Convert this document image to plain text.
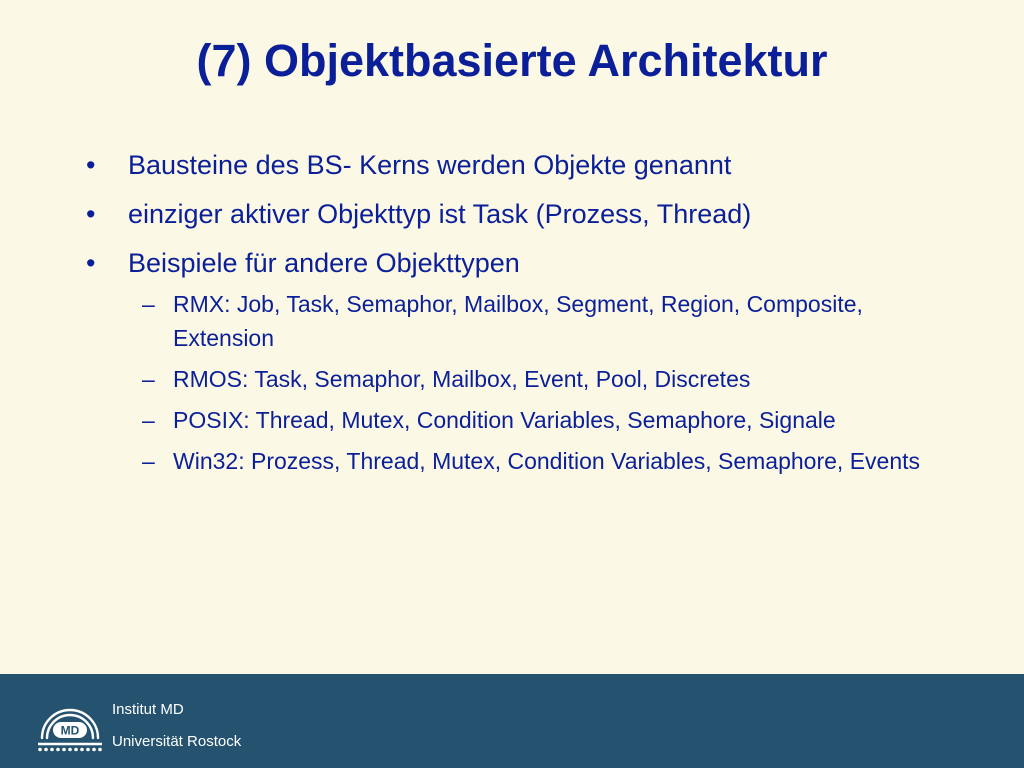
(7) Objektbasierte Architektur
•	Bausteine des BS- Kerns werden Objekte genannt
•	einziger aktiver Objekttyp ist Task (Prozess, Thread)
•	Beispiele für andere Objekttypen
– RMX: Job, Task, Semaphor, Mailbox, Segment, Region, Composite, Extension
– RMOS: Task, Semaphor, Mailbox, Event, Pool, Discretes
– POSIX: Thread, Mutex, Condition Variables, Semaphore, Signale
– Win32: Prozess, Thread, Mutex, Condition Variables, Semaphore, Events
MD
Institut MD
Universität Rostock
